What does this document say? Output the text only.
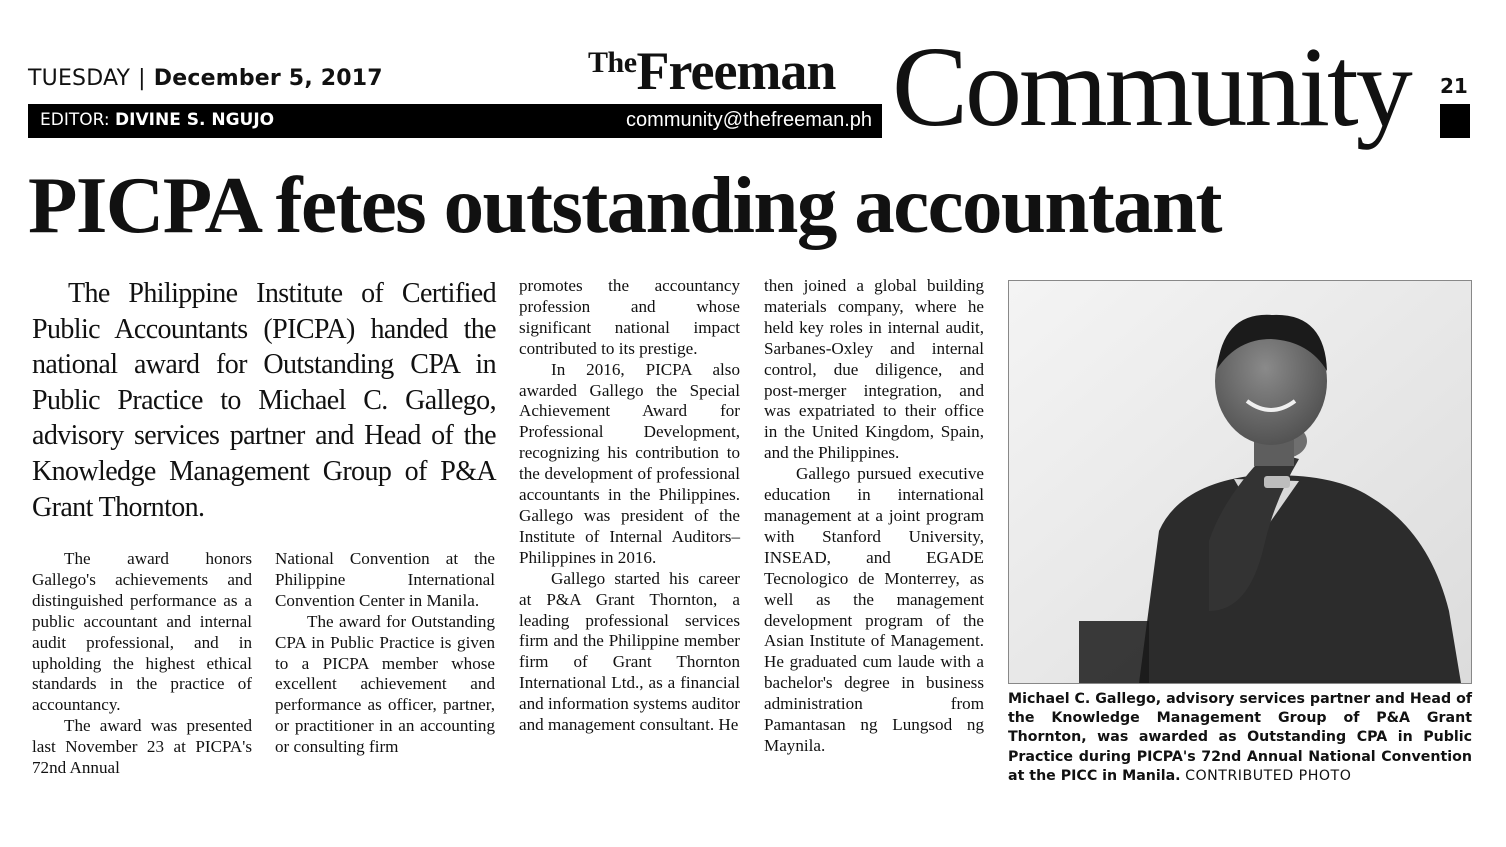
TUESDAY | December 5, 2017
EDITOR: DIVINE S. NGUJO	community@thefreeman.ph
TheFreeman Community 21
PICPA fetes outstanding accountant

The Philippine Institute of Certified Public Accountants (PICPA) handed the national award for Outstanding CPA in Public Practice to Michael C. Gallego, advisory services partner and Head of the Knowledge Management Group of P&A Grant Thornton.

The award honors Gallego's achievements and distinguished performance as a public accountant and internal audit professional, and in upholding the highest ethical standards in the practice of accountancy.

The award was presented last November 23 at PICPA's 72nd Annual

National Convention at the Philippine International Convention Center in Manila.

The award for Outstanding CPA in Public Practice is given to a PICPA member whose excellent achievement and performance as officer, partner, or practitioner in an accounting or consulting firm

promotes the accountancy profession and whose significant national impact contributed to its prestige.

In 2016, PICPA also awarded Gallego the Special Achievement Award for Professional Development, recognizing his contribution to the development of professional accountants in the Philippines. Gallego was president of the Institute of Internal Auditors–Philippines in 2016.

Gallego started his career at P&A Grant Thornton, a leading professional services firm and the Philippine member firm of Grant Thornton International Ltd., as a financial and information systems auditor and management consultant. He

then joined a global building materials company, where he held key roles in internal audit, Sarbanes-Oxley and internal control, due diligence, and post-merger integration, and was expatriated to their office in the United Kingdom, Spain, and the Philippines.

Gallego pursued executive education in international management at a joint program with Stanford University, INSEAD, and EGADE Tecnologico de Monterrey, as well as the management development program of the Asian Institute of Management. He graduated cum laude with a bachelor's degree in business administration from Pamantasan ng Lungsod ng Maynila.

Michael C. Gallego, advisory services partner and Head of the Knowledge Management Group of P&A Grant Thornton, was awarded as Outstanding CPA in Public Practice during PICPA's 72nd Annual National Convention at the PICC in Manila. CONTRIBUTED PHOTO
